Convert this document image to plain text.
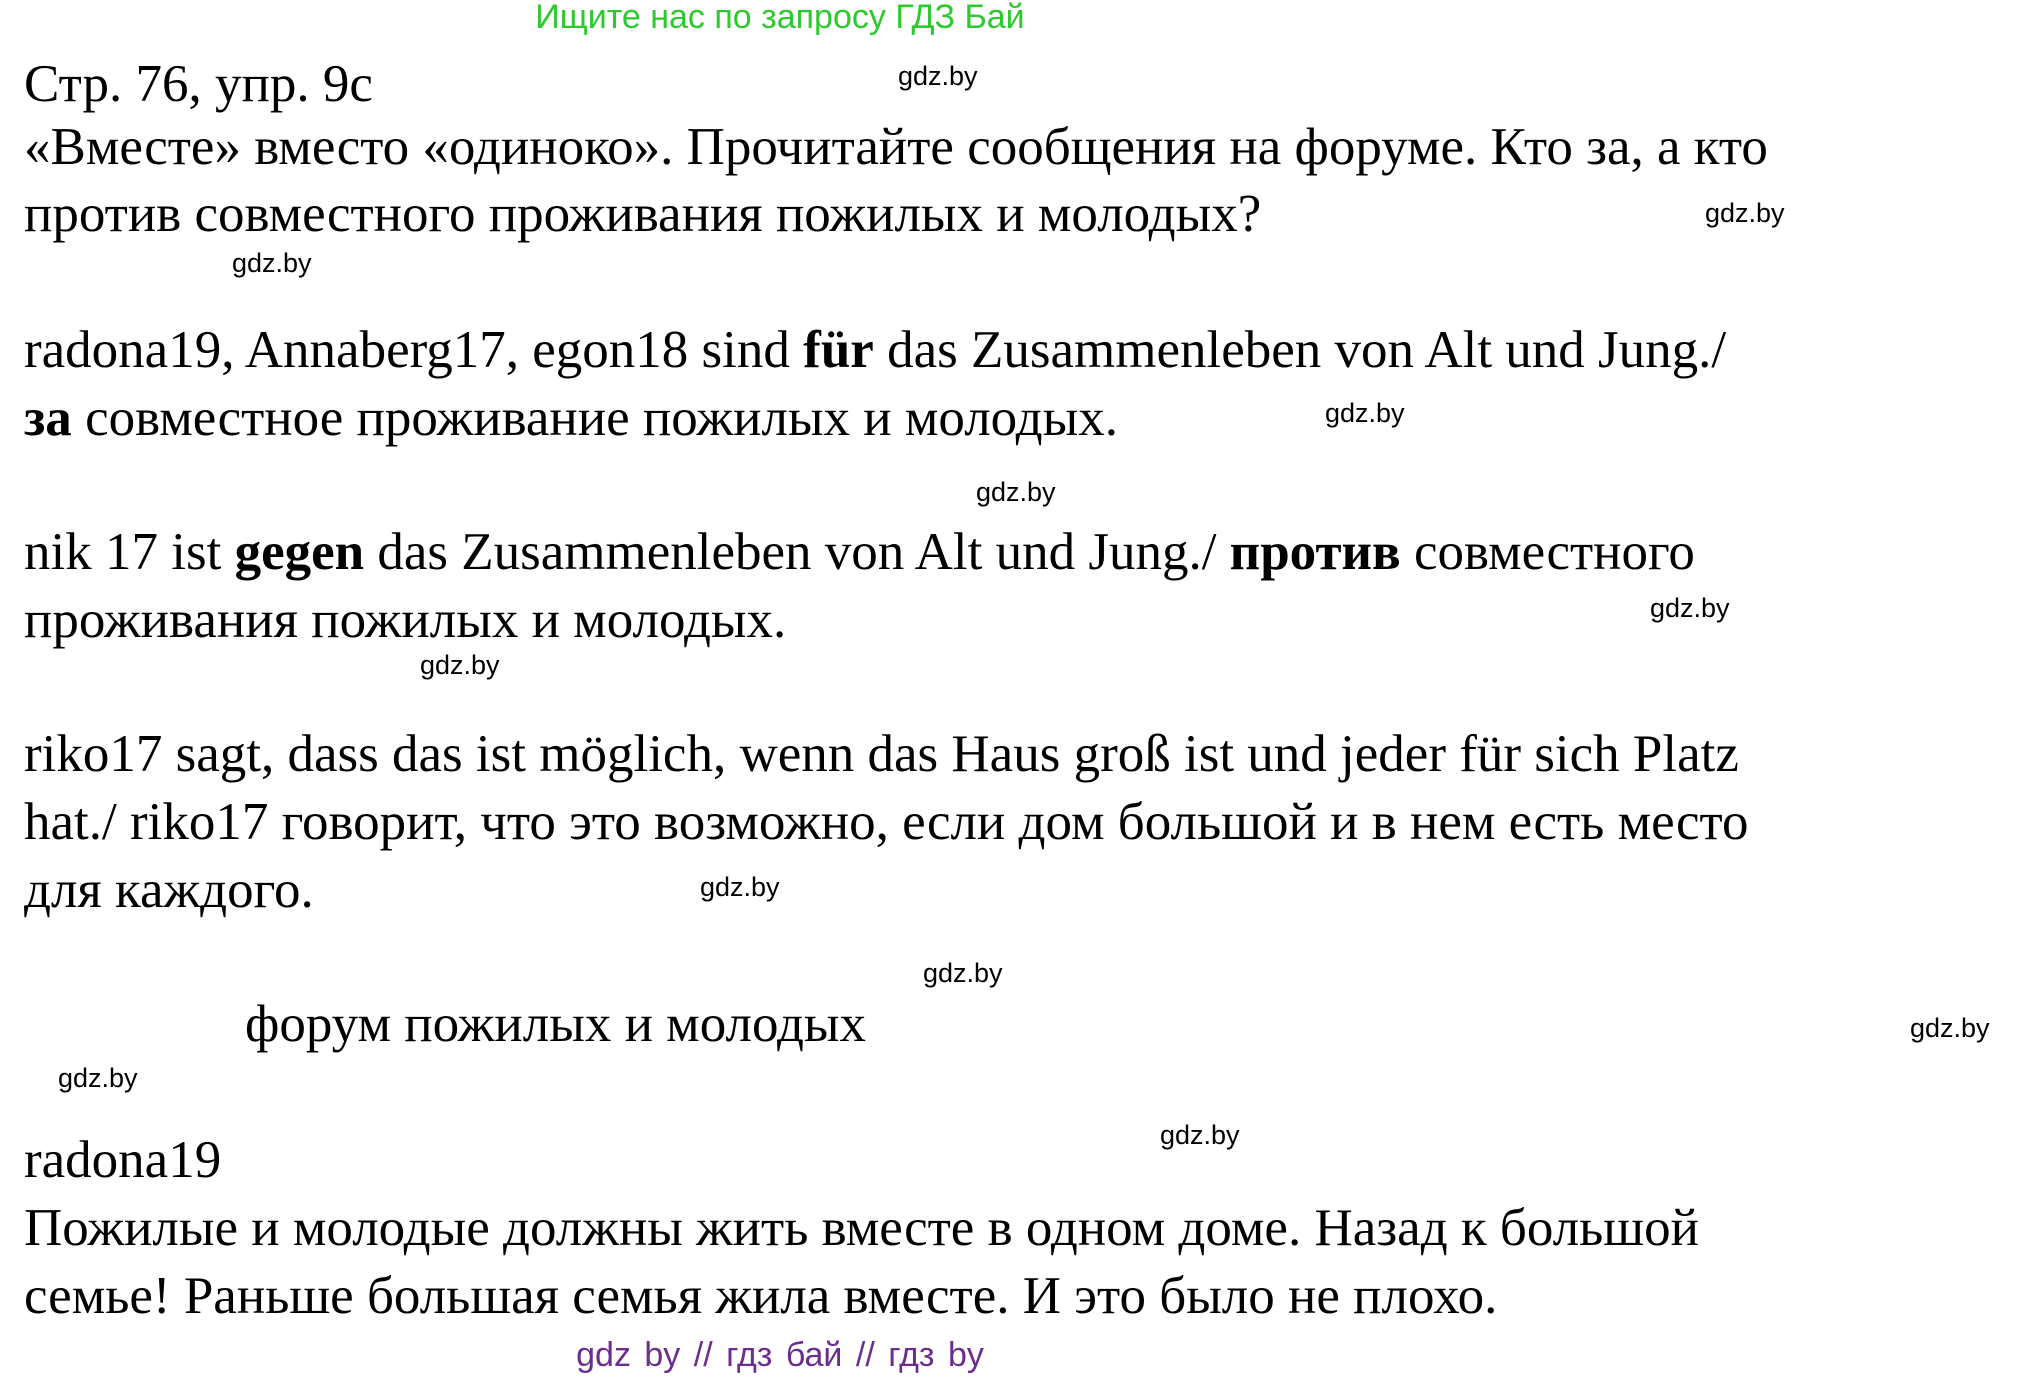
Ищите нас по запросу ГДЗ Бай
Стр. 76, упр. 9c
«Вместе» вместо «одиноко». Прочитайте сообщения на форуме. Кто за, а кто
против совместного проживания пожилых и молодых?
radona19, Annaberg17, egon18 sind für das Zusammenleben von Alt und Jung./
за совместное проживание пожилых и молодых.
nik 17 ist gegen das Zusammenleben von Alt und Jung./ против совместного
проживания пожилых и молодых.
riko17 sagt, dass das ist möglich, wenn das Haus groß ist und jeder für sich Platz
hat./ riko17 говорит, что это возможно, если дом большой и в нем есть место
для каждого.
форум пожилых и молодых
radona19
Пожилые и молодые должны жить вместе в одном доме. Назад к большой
семье! Раньше большая семья жила вместе. И это было не плохо.
gdz.by
gdz.by
gdz.by
gdz.by
gdz.by
gdz.by
gdz.by
gdz.by
gdz.by
gdz.by
gdz.by
gdz.by
gdz by // гдз бай // гдз by
